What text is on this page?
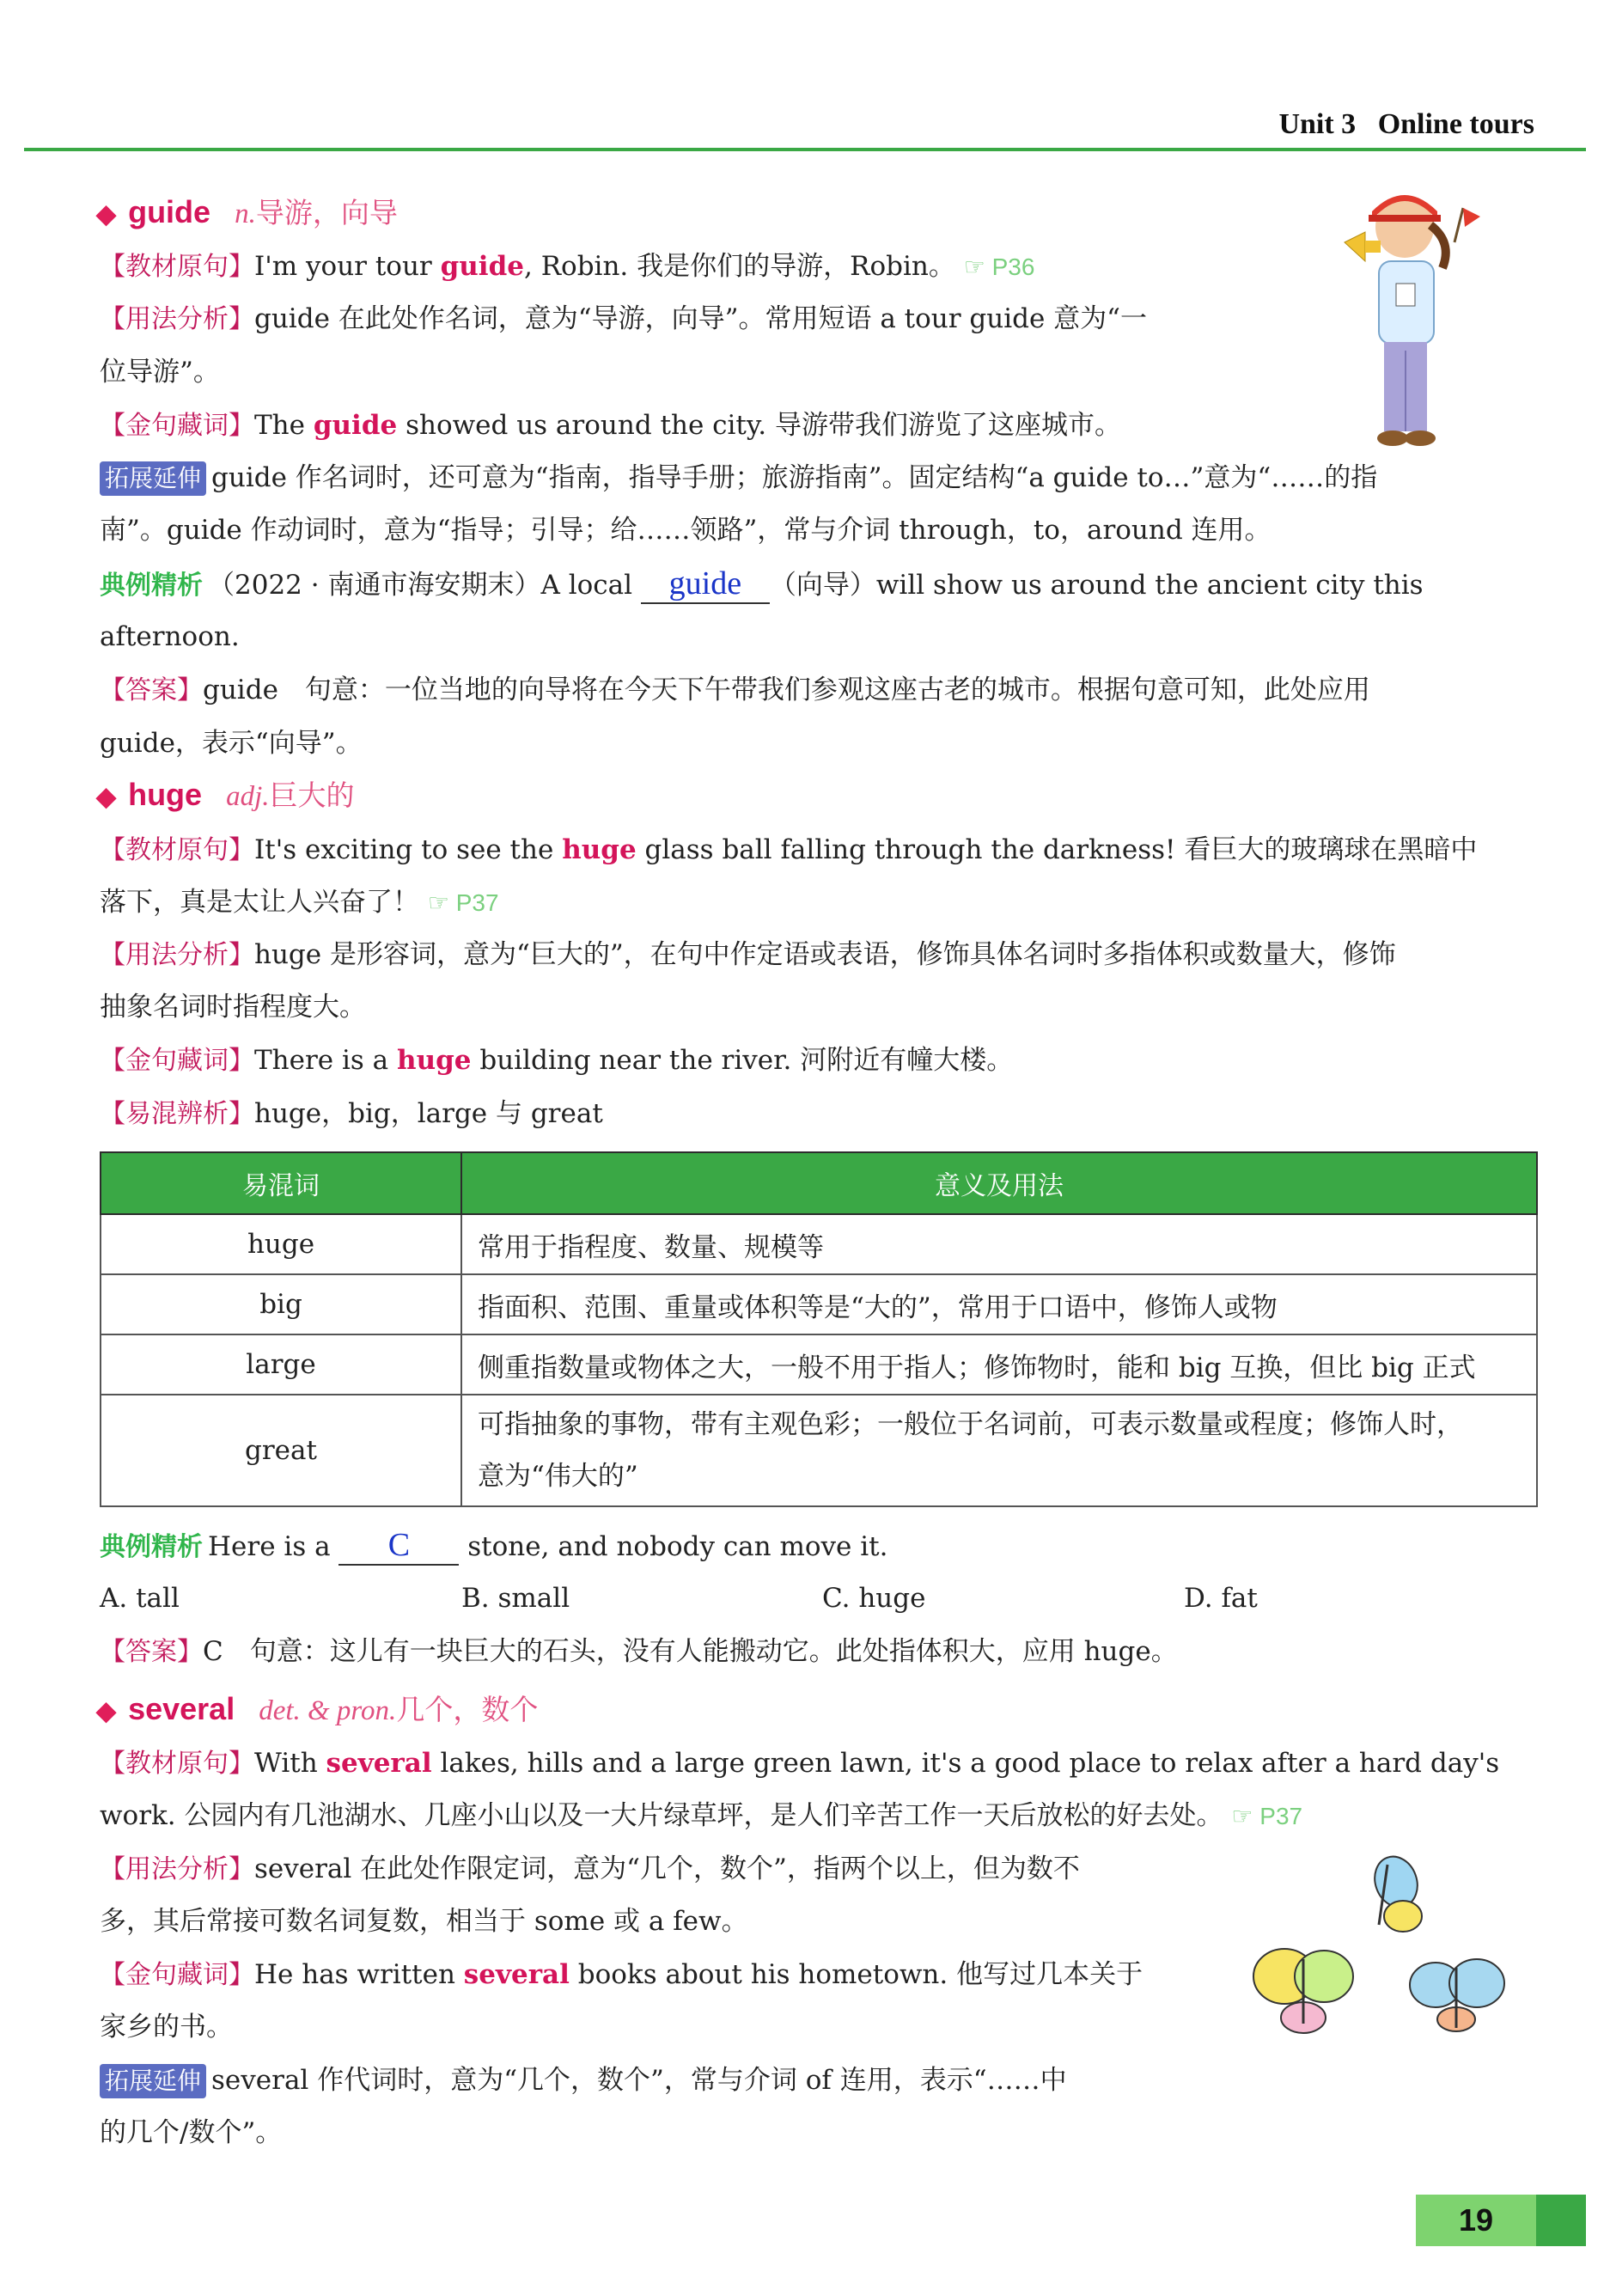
Unit 3 Online tours
◆ guide n.导游，向导
【教材原句】I'm your tour guide, Robin. 我是你们的导游，Robin。 ☞ P36
【用法分析】guide 在此处作名词，意为“导游，向导”。常用短语 a tour guide 意为“一
位导游”。
【金句藏词】The guide showed us around the city. 导游带我们游览了这座城市。
拓展延伸 guide 作名词时，还可意为“指南，指导手册；旅游指南”。固定结构“a guide to…”意为“……的指
南”。guide 作动词时，意为“指导；引导；给……领路”，常与介词 through，to，around 连用。
典例精析 （2022 · 南通市海安期末）A local guide （向导）will show us around the ancient city this
afternoon.
【答案】guide　句意：一位当地的向导将在今天下午带我们参观这座古老的城市。根据句意可知，此处应用
guide，表示“向导”。
◆ huge adj.巨大的
【教材原句】It's exciting to see the huge glass ball falling through the darkness! 看巨大的玻璃球在黑暗中
落下，真是太让人兴奋了！ ☞ P37
【用法分析】huge 是形容词，意为“巨大的”，在句中作定语或表语，修饰具体名词时多指体积或数量大，修饰
抽象名词时指程度大。
【金句藏词】There is a huge building near the river. 河附近有幢大楼。
【易混辨析】huge，big，large 与 great
易混词	意义及用法
huge	常用于指程度、数量、规模等
big	指面积、范围、重量或体积等是“大的”，常用于口语中，修饰人或物
large	侧重指数量或物体之大，一般不用于指人；修饰物时，能和 big 互换，但比 big 正式
great	可指抽象的事物，带有主观色彩；一般位于名词前，可表示数量或程度；修饰人时，
意为“伟大的”
典例精析 Here is a C stone, and nobody can move it.
A. tall	B. small	C. huge	D. fat
【答案】C　句意：这儿有一块巨大的石头，没有人能搬动它。此处指体积大，应用 huge。
◆ several det. & pron.几个，数个
【教材原句】With several lakes, hills and a large green lawn, it's a good place to relax after a hard day's
work. 公园内有几池湖水、几座小山以及一大片绿草坪，是人们辛苦工作一天后放松的好去处。 ☞ P37
【用法分析】several 在此处作限定词，意为“几个，数个”，指两个以上，但为数不
多，其后常接可数名词复数，相当于 some 或 a few。
【金句藏词】He has written several books about his hometown. 他写过几本关于
家乡的书。
拓展延伸 several 作代词时，意为“几个，数个”，常与介词 of 连用，表示“……中
的几个/数个”。
19
